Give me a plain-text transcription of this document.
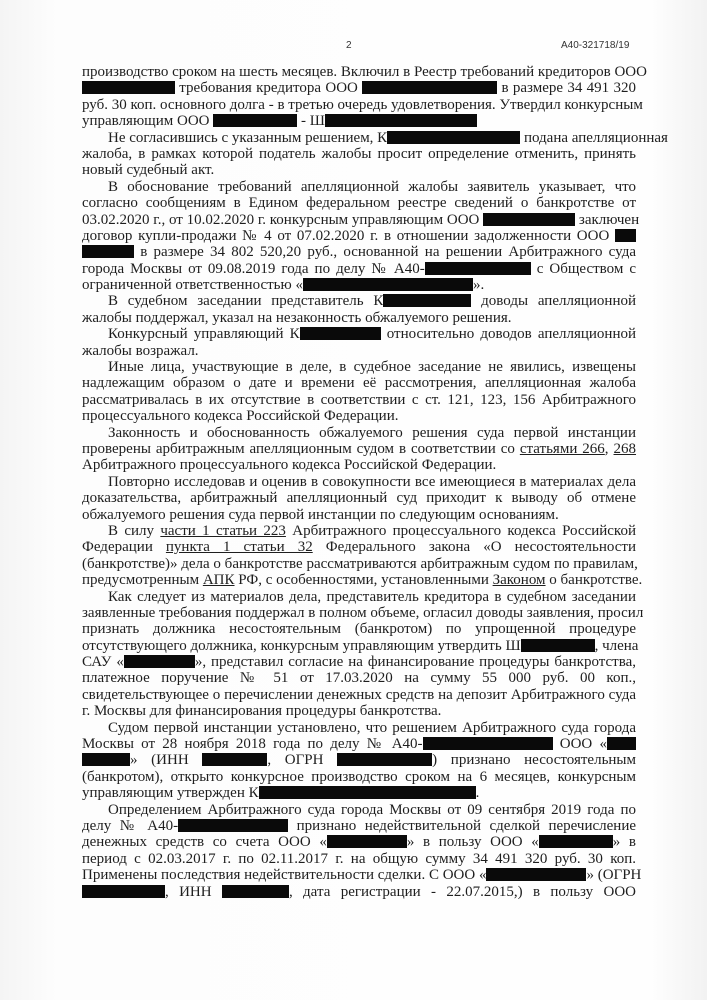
2	А40-321718/19
производство сроком на шесть месяцев. Включил в Реестр требований кредиторов ООО
требования кредитора ООО	в размере 34 491 320
руб. 30 коп. основного долга - в третью очередь удовлетворения. Утвердил конкурсным
управляющим ООО	- Ш
Не согласившись с указанным решением, К	подана апелляционная
жалоба, в рамках которой податель жалобы просит определение отменить, принять
новый судебный акт.
В обоснование требований апелляционной жалобы заявитель указывает, что
согласно сообщениям в Едином федеральном реестре сведений о банкротстве от
03.02.2020 г., от 10.02.2020 г. конкурсным управляющим ООО	заключен
договор купли-продажи № 4 от 07.02.2020 г. в отношении задолженности ООО
в размере 34 802 520,20 руб., основанной на решении Арбитражного суда
города Москвы от 09.08.2019 года по делу № А40-	с Обществом с
ограниченной ответственностью «	».
В судебном заседании представитель К	доводы апелляционной
жалобы поддержал, указал на незаконность обжалуемого решения.
Конкурсный управляющий К	относительно доводов апелляционной
жалобы возражал.
Иные лица, участвующие в деле, в судебное заседание не явились, извещены
надлежащим образом о дате и времени её рассмотрения, апелляционная жалоба
рассматривалась в их отсутствие в соответствии с ст. 121, 123, 156 Арбитражного
процессуального кодекса Российской Федерации.
Законность и обоснованность обжалуемого решения суда первой инстанции
проверены арбитражным апелляционным судом в соответствии со статьями 266, 268
Арбитражного процессуального кодекса Российской Федерации.
Повторно исследовав и оценив в совокупности все имеющиеся в материалах дела
доказательства, арбитражный апелляционный суд приходит к выводу об отмене
обжалуемого решения суда первой инстанции по следующим основаниям.
В силу части 1 статьи 223 Арбитражного процессуального кодекса Российской
Федерации пункта 1 статьи 32 Федерального закона «О несостоятельности
(банкротстве)» дела о банкротстве рассматриваются арбитражным судом по правилам,
предусмотренным АПК РФ, с особенностями, установленными Законом о банкротстве.
Как следует из материалов дела, представитель кредитора в судебном заседании
заявленные требования поддержал в полном объеме, огласил доводы заявления, просил
признать должника несостоятельным (банкротом) по упрощенной процедуре
отсутствующего должника, конкурсным управляющим утвердить Ш	, члена
САУ «	», представил согласие на финансирование процедуры банкротства,
платежное поручение № 51 от 17.03.2020 на сумму 55 000 руб. 00 коп.,
свидетельствующее о перечислении денежных средств на депозит Арбитражного суда
г. Москвы для финансирования процедуры банкротства.
Судом первой инстанции установлено, что решением Арбитражного суда города
Москвы от 28 ноября 2018 года по делу № А40-	ООО «
» (ИНН	, ОГРН	) признано несостоятельным
(банкротом), открыто конкурсное производство сроком на 6 месяцев, конкурсным
управляющим утвержден К	.
Определением Арбитражного суда города Москвы от 09 сентября 2019 года по
делу № А40-	признано недействительной сделкой перечисление
денежных средств со счета ООО «	» в пользу ООО «	» в
период с 02.03.2017 г. по 02.11.2017 г. на общую сумму 34 491 320 руб. 30 коп.
Применены последствия недействительности сделки. С ООО «	» (ОГРН
, ИНН	, дата регистрации - 22.07.2015,) в пользу ООО
